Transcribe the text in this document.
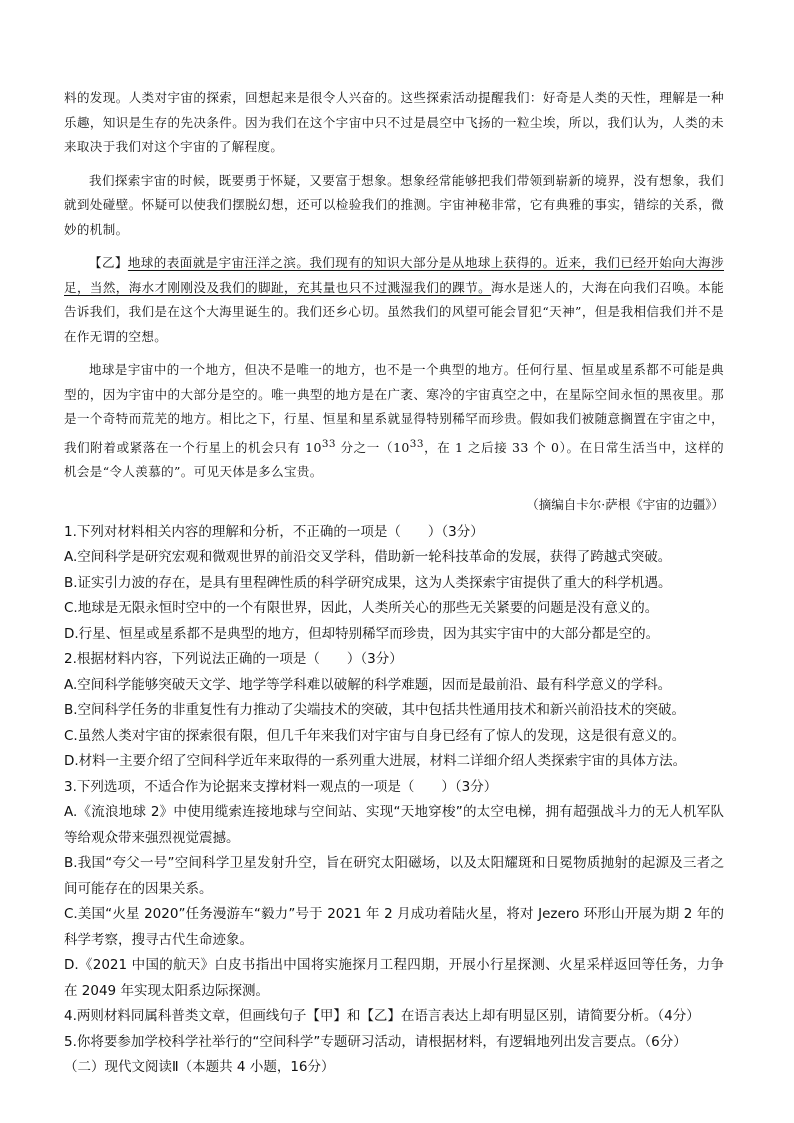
料的发现。人类对宇宙的探索，回想起来是很令人兴奋的。这些探索活动提醒我们：好奇是人类的天性，理解是一种乐趣，知识是生存的先决条件。因为我们在这个宇宙中只不过是晨空中飞扬的一粒尘埃，所以，我们认为，人类的未来取决于我们对这个宇宙的了解程度。

我们探索宇宙的时候，既要勇于怀疑，又要富于想象。想象经常能够把我们带领到崭新的境界，没有想象，我们就到处碰壁。怀疑可以使我们摆脱幻想，还可以检验我们的推测。宇宙神秘非常，它有典雅的事实，错综的关系，微妙的机制。

【乙】地球的表面就是宇宙汪洋之滨。我们现有的知识大部分是从地球上获得的。近来，我们已经开始向大海涉足，当然，海水才刚刚没及我们的脚趾，充其量也只不过溅湿我们的踝节。海水是迷人的，大海在向我们召唤。本能告诉我们，我们是在这个大海里诞生的。我们还乡心切。虽然我们的风望可能会冒犯“天神”，但是我相信我们并不是在作无谓的空想。

地球是宇宙中的一个地方，但决不是唯一的地方，也不是一个典型的地方。任何行星、恒星或星系都不可能是典型的，因为宇宙中的大部分是空的。唯一典型的地方是在广袤、寒冷的宇宙真空之中，在星际空间永恒的黑夜里。那是一个奇特而荒芜的地方。相比之下，行星、恒星和星系就显得特别稀罕而珍贵。假如我们被随意搁置在宇宙之中，我们附着或紧落在一个行星上的机会只有 $10^{33}$ 分之一（$10^{33}$，在 1 之后接 33 个 0）。在日常生活当中，这样的机会是“令人羡慕的”。可见天体是多么宝贵。

（摘编自卡尔·萨根《宇宙的边疆》）

1.下列对材料相关内容的理解和分析，不正确的一项是（　　）（3分）

A.空间科学是研究宏观和微观世界的前沿交叉学科，借助新一轮科技革命的发展，获得了跨越式突破。

B.证实引力波的存在，是具有里程碑性质的科学研究成果，这为人类探索宇宙提供了重大的科学机遇。

C.地球是无限永恒时空中的一个有限世界，因此，人类所关心的那些无关紧要的问题是没有意义的。

D.行星、恒星或星系都不是典型的地方，但却特别稀罕而珍贵，因为其实宇宙中的大部分都是空的。

2.根据材料内容，下列说法正确的一项是（　　）（3分）

A.空间科学能够突破天文学、地学等学科难以破解的科学难题，因而是最前沿、最有科学意义的学科。

B.空间科学任务的非重复性有力推动了尖端技术的突破，其中包括共性通用技术和新兴前沿技术的突破。

C.虽然人类对宇宙的探索很有限，但几千年来我们对宇宙与自身已经有了惊人的发现，这是很有意义的。

D.材料一主要介绍了空间科学近年来取得的一系列重大进展，材料二详细介绍人类探索宇宙的具体方法。

3.下列选项，不适合作为论据来支撑材料一观点的一项是（　　）（3分）

A.《流浪地球 2》中使用缆索连接地球与空间站、实现“天地穿梭”的太空电梯，拥有超强战斗力的无人机军队等给观众带来强烈视觉震撼。

B.我国“夸父一号”空间科学卫星发射升空，旨在研究太阳磁场，以及太阳耀斑和日冕物质抛射的起源及三者之间可能存在的因果关系。

C.美国“火星 2020”任务漫游车“毅力”号于 2021 年 2 月成功着陆火星，将对 Jezero 环形山开展为期 2 年的科学考察，搜寻古代生命迹象。

D.《2021 中国的航天》白皮书指出中国将实施探月工程四期，开展小行星探测、火星采样返回等任务，力争在 2049 年实现太阳系边际探测。

4.两则材料同属科普类文章，但画线句子【甲】和【乙】在语言表达上却有明显区别，请简要分析。（4分）

5.你将要参加学校科学社举行的“空间科学”专题研习活动，请根据材料，有逻辑地列出发言要点。（6分）

（二）现代文阅读Ⅱ（本题共 4 小题，16分）
